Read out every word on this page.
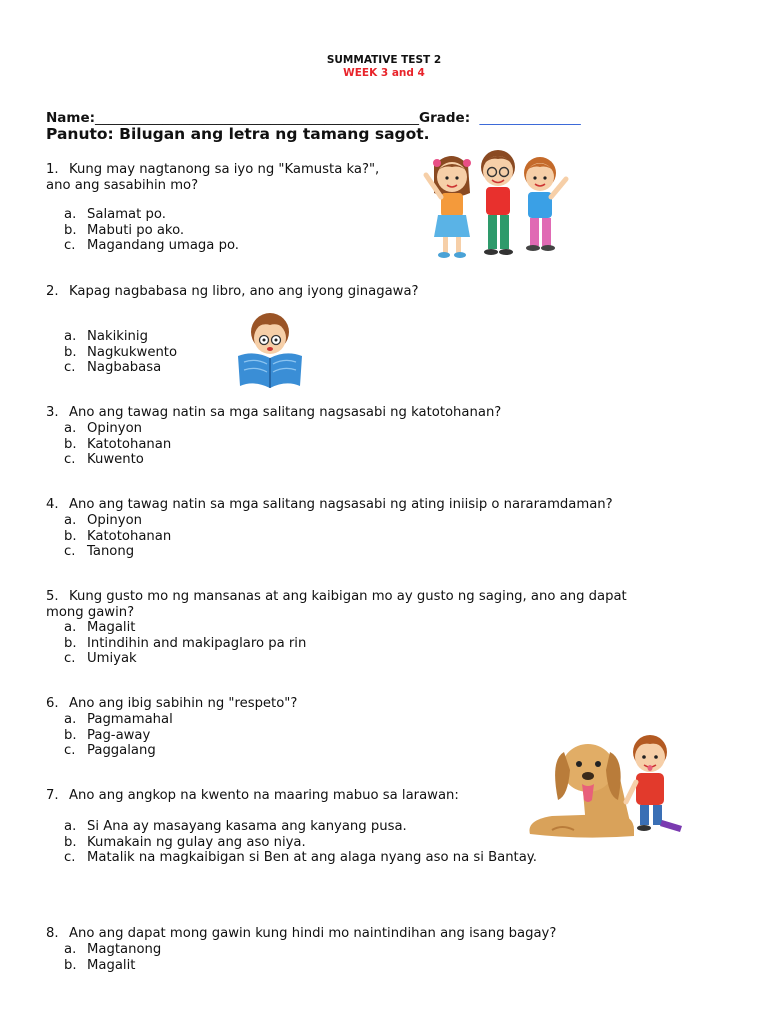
SUMMATIVE TEST 2
WEEK 3 and 4
Name:________________________________________________Grade: _______________
Panuto: Bilugan ang letra ng tamang sagot.
1. Kung may nagtanong sa iyo ng "Kamusta ka?",
ano ang sasabihin mo?
a. Salamat po.
b. Mabuti po ako.
c. Magandang umaga po.
2. Kapag nagbabasa ng libro, ano ang iyong ginagawa?
a. Nakikinig
b. Nagkukwento
c. Nagbabasa
3. Ano ang tawag natin sa mga salitang nagsasabi ng katotohanan?
a. Opinyon
b. Katotohanan
c. Kuwento
4. Ano ang tawag natin sa mga salitang nagsasabi ng ating iniisip o nararamdaman?
a. Opinyon
b. Katotohanan
c. Tanong
5. Kung gusto mo ng mansanas at ang kaibigan mo ay gusto ng saging, ano ang dapat
mong gawin?
a. Magalit
b. Intindihin and makipaglaro pa rin
c. Umiyak
6. Ano ang ibig sabihin ng "respeto"?
a. Pagmamahal
b. Pag-away
c. Paggalang
7. Ano ang angkop na kwento na maaring mabuo sa larawan:
a. Si Ana ay masayang kasama ang kanyang pusa.
b. Kumakain ng gulay ang aso niya.
c. Matalik na magkaibigan si Ben at ang alaga nyang aso na si Bantay.
8. Ano ang dapat mong gawin kung hindi mo naintindihan ang isang bagay?
a. Magtanong
b. Magalit
